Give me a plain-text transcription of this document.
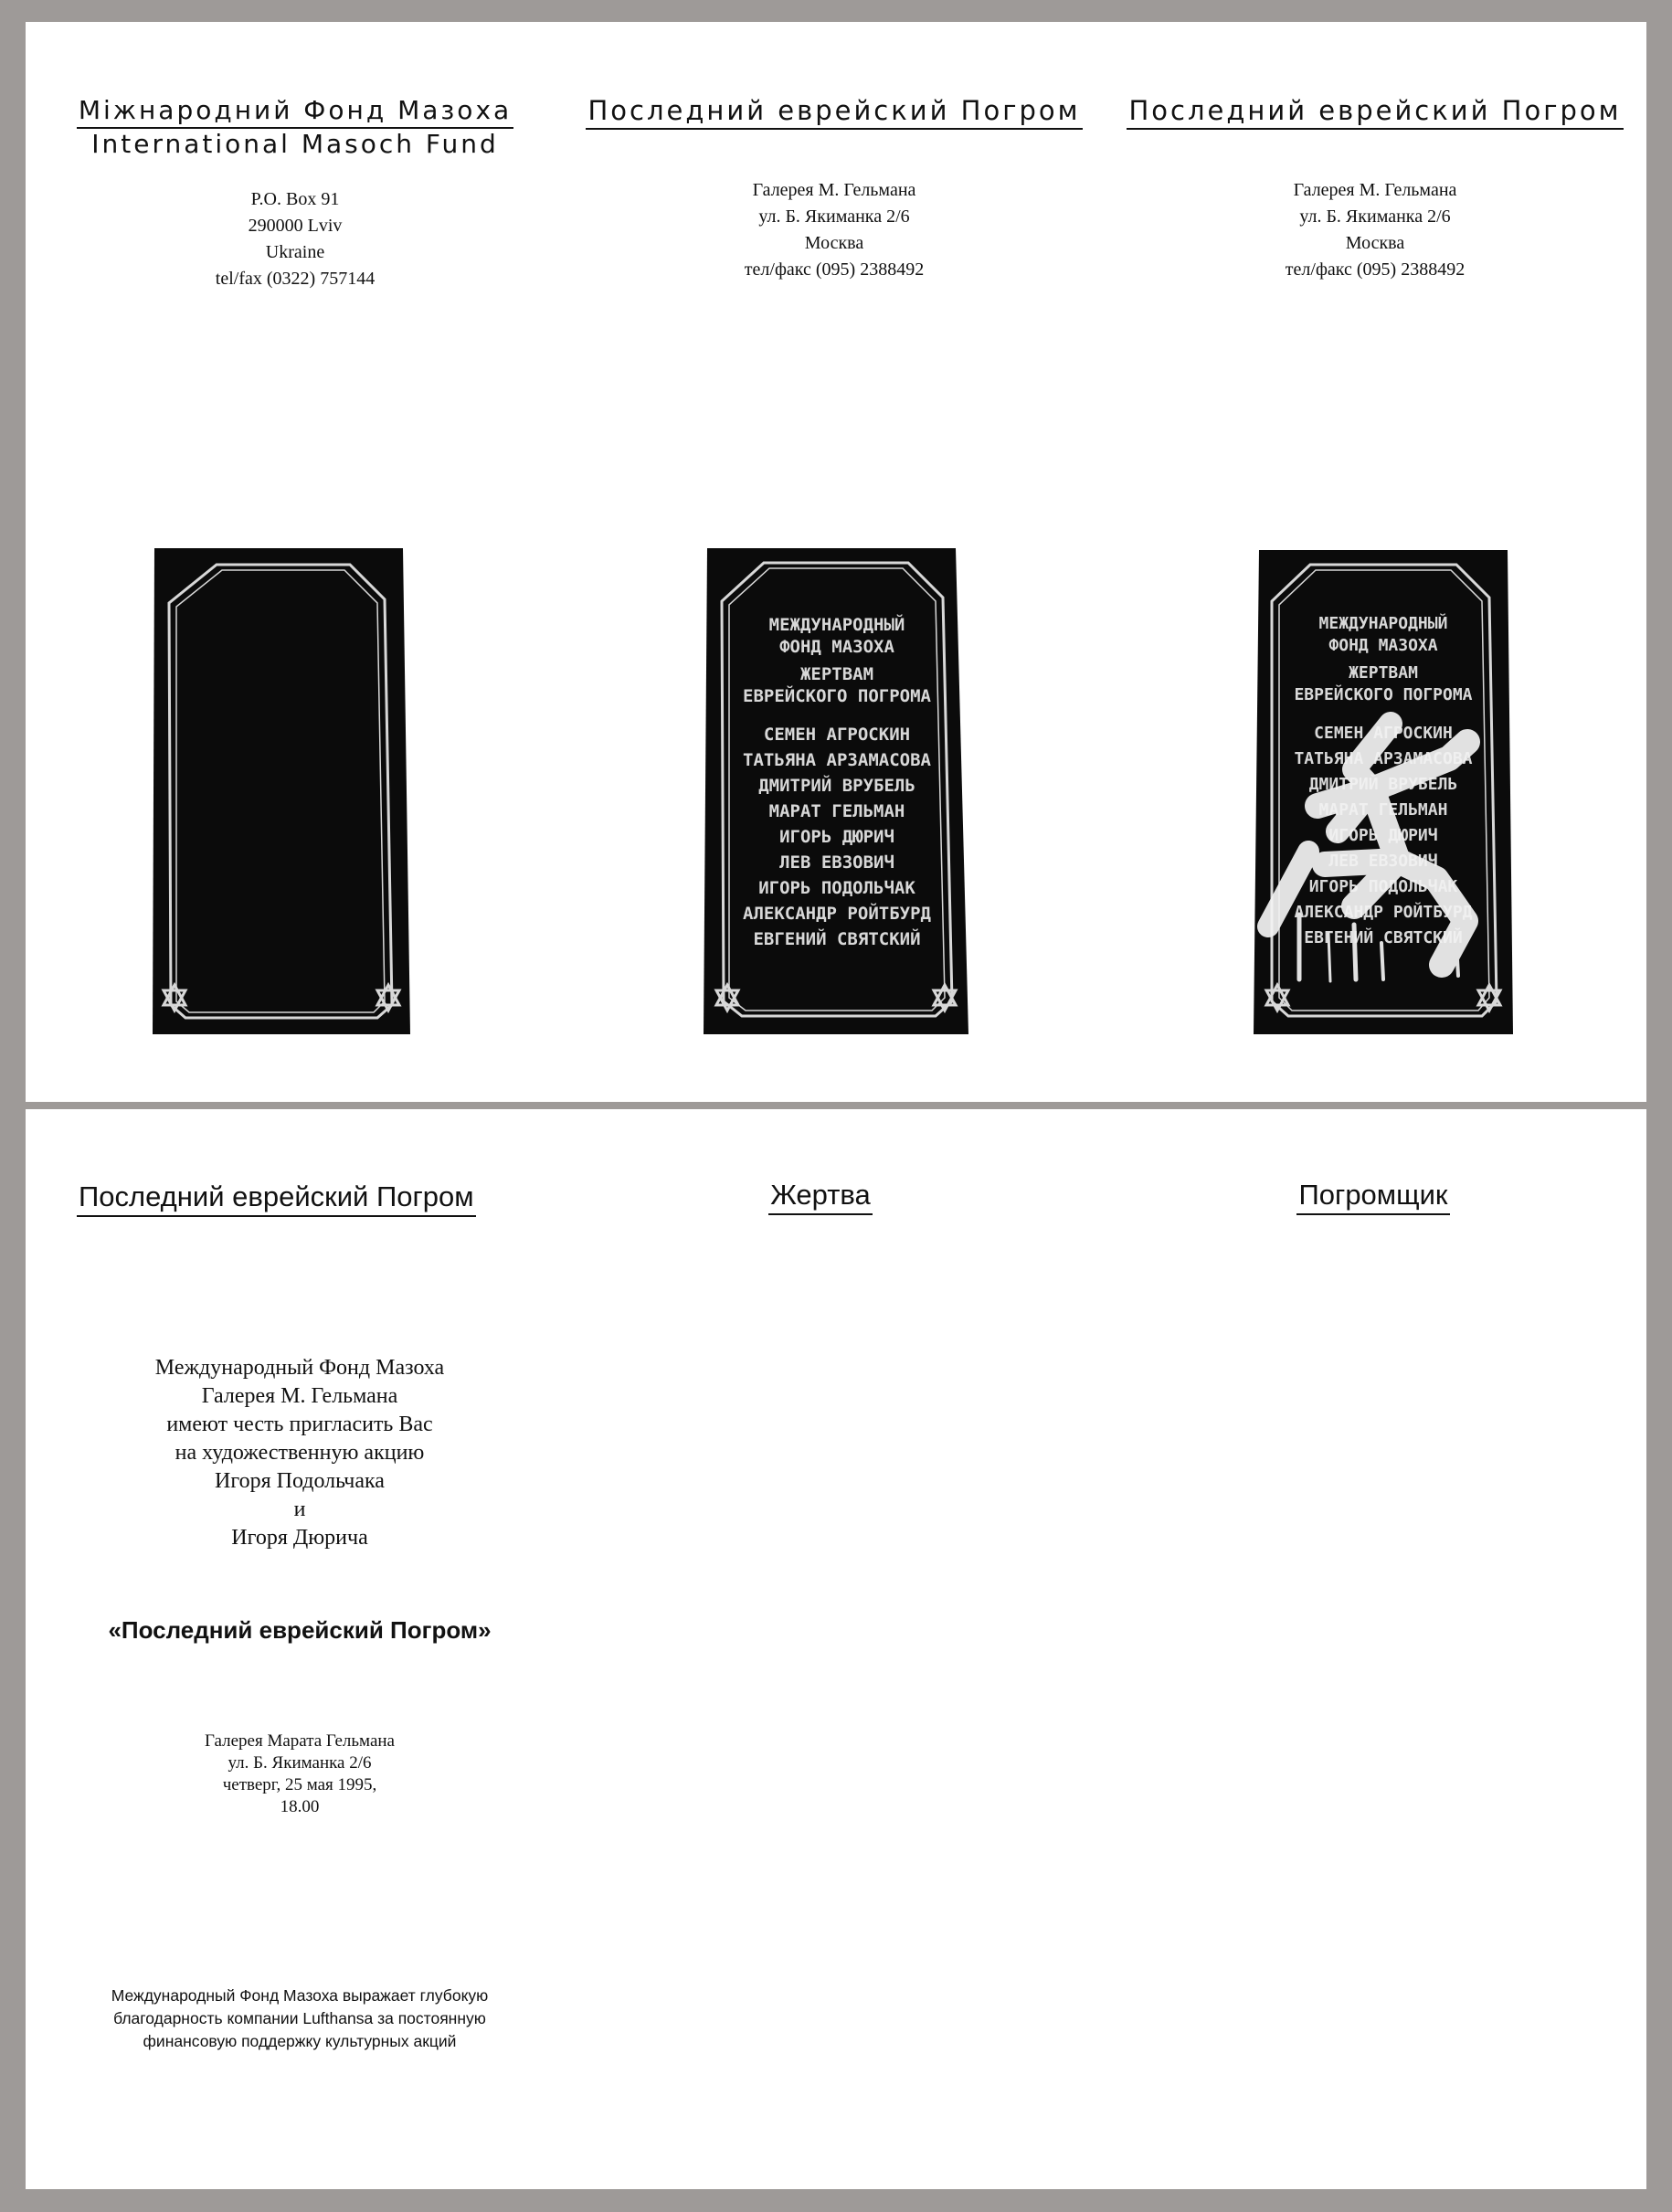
Міжнародний Фонд Мазоха
International Masoch Fund
P.O. Box 91
290000 Lviv
Ukraine
tel/fax (0322) 757144
Последний еврейский Погром
Галерея М. Гельмана
ул. Б. Якиманка 2/6
Москва
тел/факс (095) 2388492
МЕЖДУНАРОДНЫЙ
ФОНД МАЗОХА
ЖЕРТВАМ
ЕВРЕЙСКОГО ПОГРОМА
СЕМЕН АГРОСКИН
ТАТЬЯНА АРЗАМАСОВА
ДМИТРИЙ ВРУБЕЛЬ
МАРАТ ГЕЛЬМАН
ИГОРЬ ДЮРИЧ
ЛЕВ ЕВЗОВИЧ
ИГОРЬ ПОДОЛЬЧАК
АЛЕКСАНДР РОЙТБУРД
ЕВГЕНИЙ СВЯТСКИЙ
Последний еврейский Погром
Галерея М. Гельмана
ул. Б. Якиманка 2/6
Москва
тел/факс (095) 2388492
МЕЖДУНАРОДНЫЙ
ФОНД МАЗОХА
ЖЕРТВАМ
ЕВРЕЙСКОГО ПОГРОМА
СЕМЕН АГРОСКИН
ТАТЬЯНА АРЗАМАСОВА
ДМИТРИЙ ВРУБЕЛЬ
МАРАТ ГЕЛЬМАН
ИГОРЬ ДЮРИЧ
ЛЕВ ЕВЗОВИЧ
ИГОРЬ ПОДОЛЬЧАК
АЛЕКСАНДР РОЙТБУРД
ЕВГЕНИЙ СВЯТСКИЙ
Последний еврейский Погром
Международный Фонд Мазоха
Галерея М. Гельмана
имеют честь пригласить Вас
на художественную акцию
Игоря Подольчака
и
Игоря Дюрича
«Последний еврейский Погром»
Галерея Марата Гельмана
ул. Б. Якиманка 2/6
четверг, 25 мая 1995,
18.00
Международный Фонд Мазоха выражает глубокую
благодарность компании Lufthansa за постоянную
финансовую поддержку культурных акций
Жертва	Погромщик
